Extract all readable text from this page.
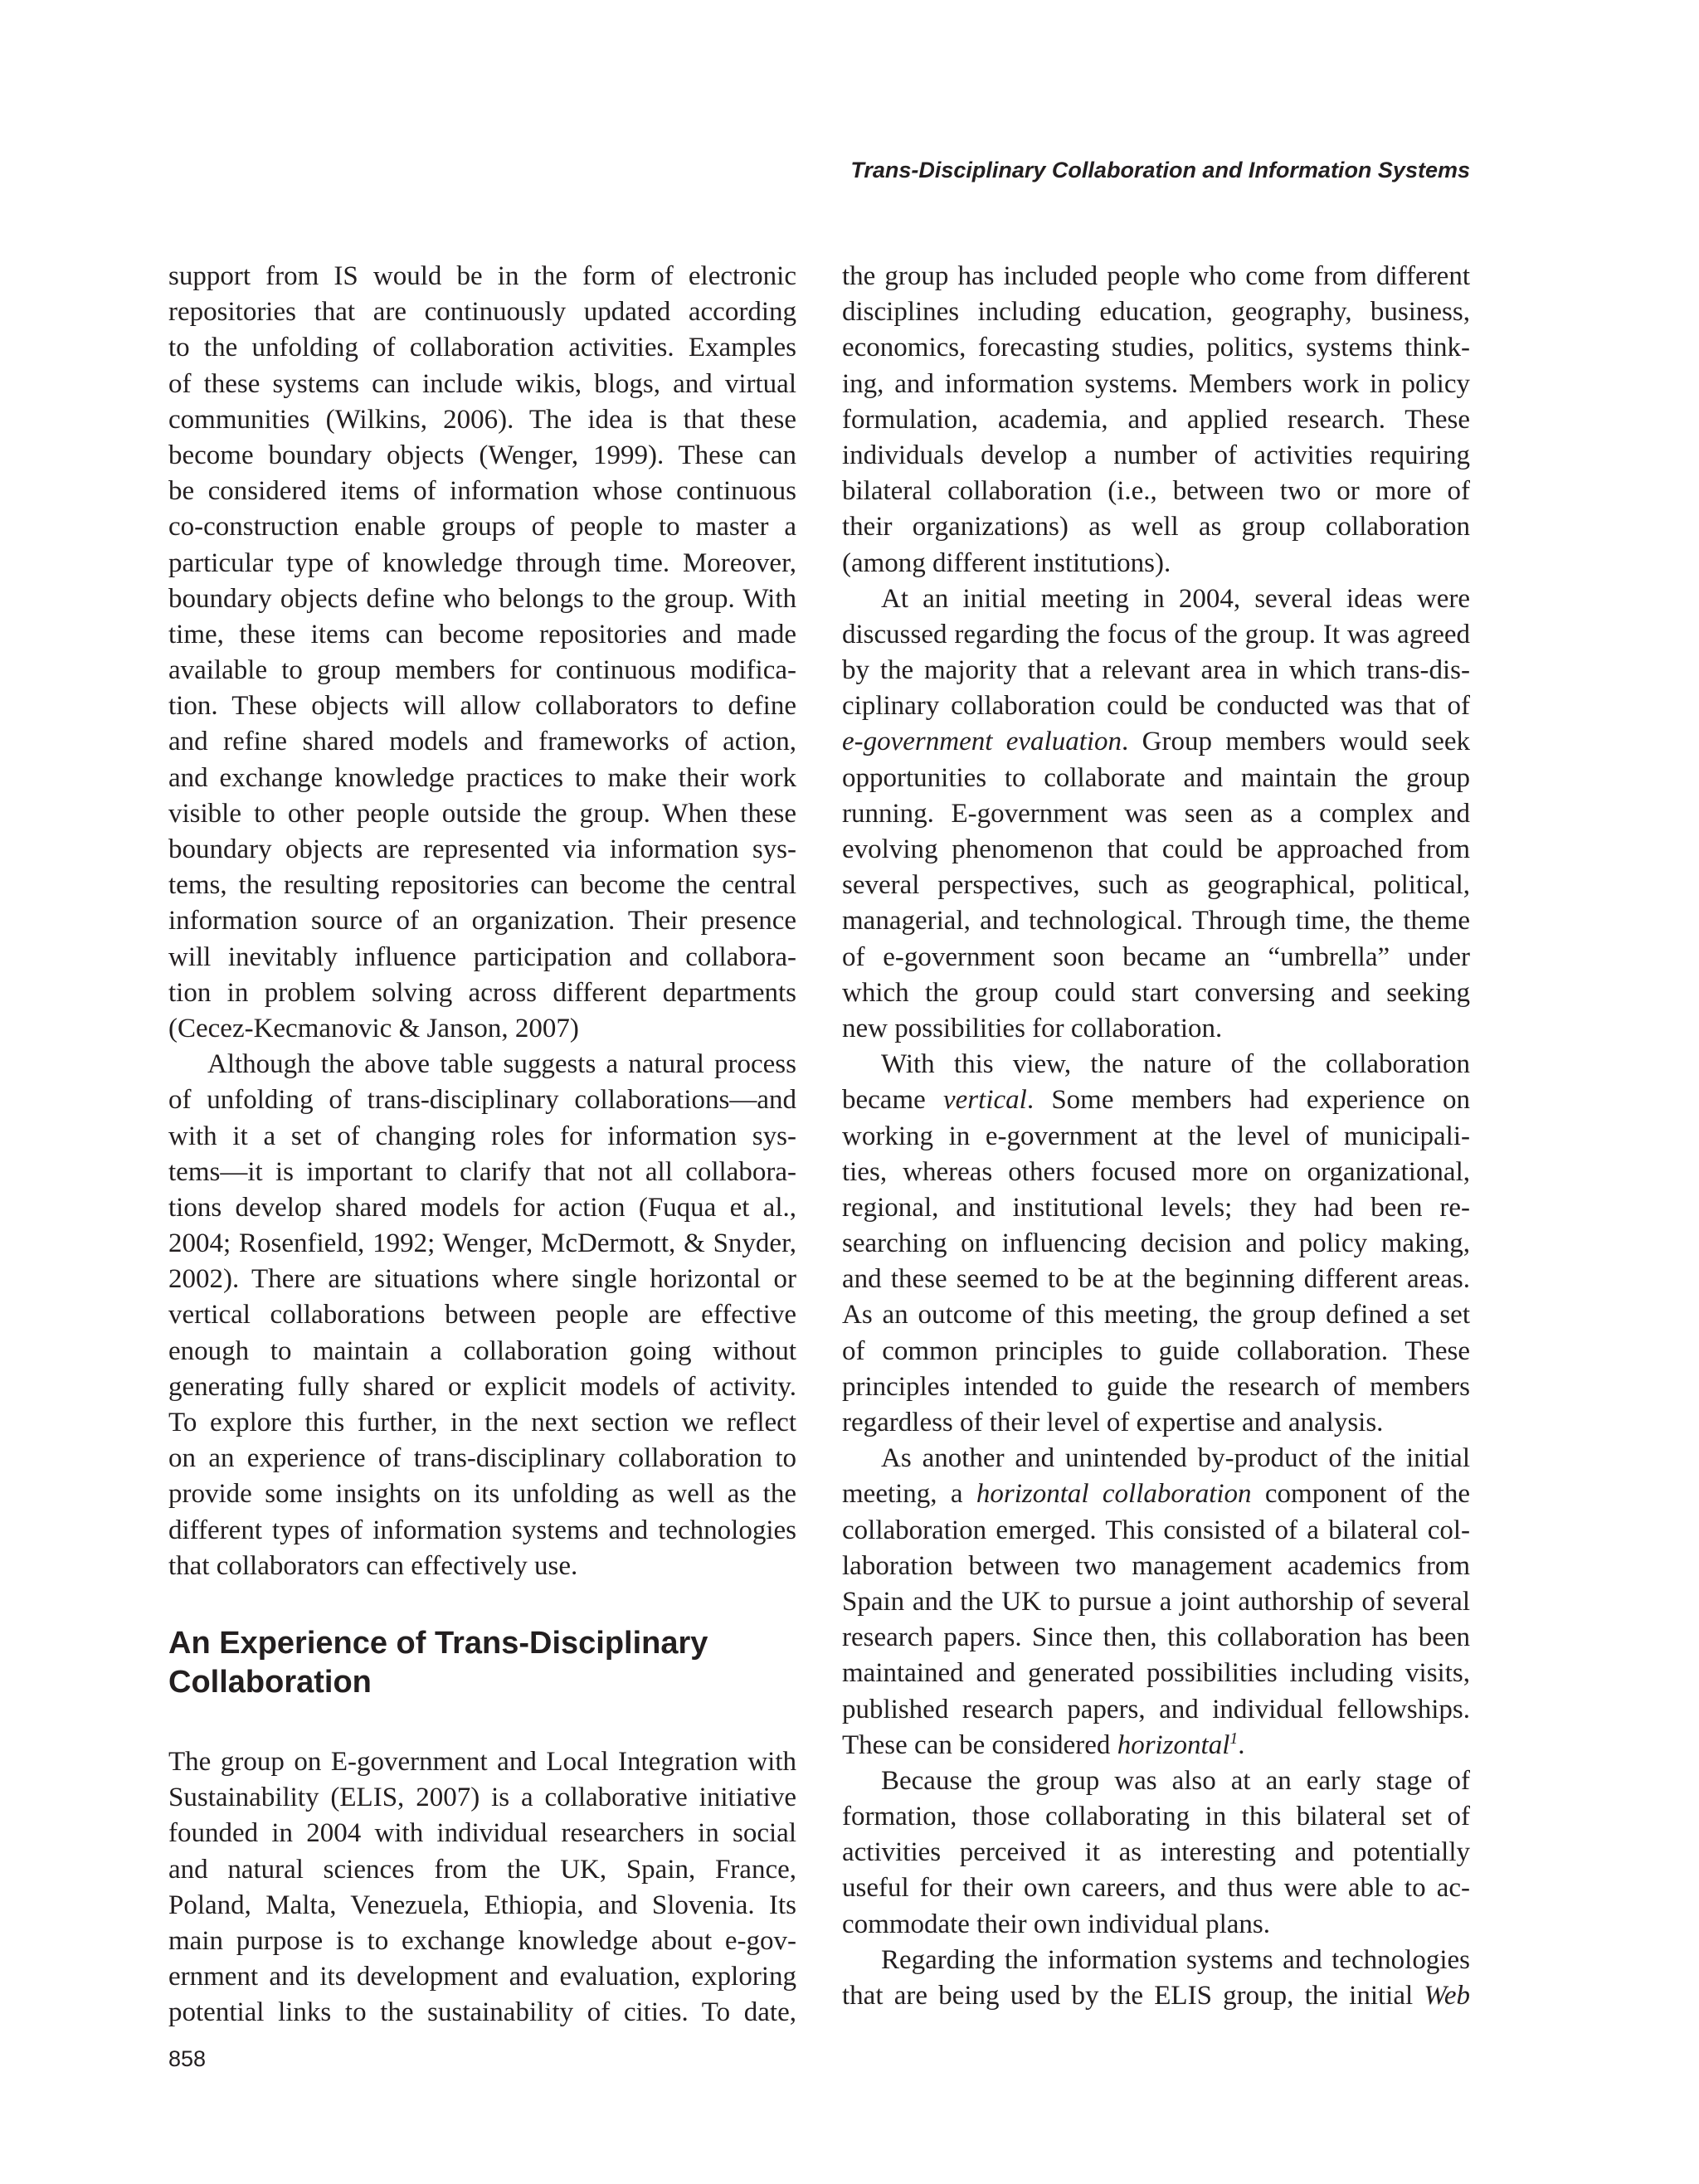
Trans-Disciplinary Collaboration and Information Systems
support from IS would be in the form of electronic
repositories that are continuously updated according
to the unfolding of collaboration activities. Examples
of these systems can include wikis, blogs, and virtual
communities (Wilkins, 2006). The idea is that these
become boundary objects (Wenger, 1999). These can
be considered items of information whose continuous
co-construction enable groups of people to master a
particular type of knowledge through time. Moreover,
boundary objects define who belongs to the group. With
time, these items can become repositories and made
available to group members for continuous modifica-
tion. These objects will allow collaborators to define
and refine shared models and frameworks of action,
and exchange knowledge practices to make their work
visible to other people outside the group. When these
boundary objects are represented via information sys-
tems, the resulting repositories can become the central
information source of an organization. Their presence
will inevitably influence participation and collabora-
tion in problem solving across different departments
(Cecez-Kecmanovic & Janson, 2007)
Although the above table suggests a natural process
of unfolding of trans-disciplinary collaborations—and
with it a set of changing roles for information sys-
tems—it is important to clarify that not all collabora-
tions develop shared models for action (Fuqua et al.,
2004; Rosenfield, 1992; Wenger, McDermott, & Snyder,
2002). There are situations where single horizontal or
vertical collaborations between people are effective
enough to maintain a collaboration going without
generating fully shared or explicit models of activity.
To explore this further, in the next section we reflect
on an experience of trans-disciplinary collaboration to
provide some insights on its unfolding as well as the
different types of information systems and technologies
that collaborators can effectively use.
An Experience of Trans-Disciplinary
Collaboration
The group on E-government and Local Integration with
Sustainability (ELIS, 2007) is a collaborative initiative
founded in 2004 with individual researchers in social
and natural sciences from the UK, Spain, France,
Poland, Malta, Venezuela, Ethiopia, and Slovenia. Its
main purpose is to exchange knowledge about e-gov-
ernment and its development and evaluation, exploring
potential links to the sustainability of cities. To date,
the group has included people who come from different
disciplines including education, geography, business,
economics, forecasting studies, politics, systems think-
ing, and information systems. Members work in policy
formulation, academia, and applied research. These
individuals develop a number of activities requiring
bilateral collaboration (i.e., between two or more of
their organizations) as well as group collaboration
(among different institutions).
At an initial meeting in 2004, several ideas were
discussed regarding the focus of the group. It was agreed
by the majority that a relevant area in which trans-dis-
ciplinary collaboration could be conducted was that of
e-government evaluation. Group members would seek
opportunities to collaborate and maintain the group
running. E-government was seen as a complex and
evolving phenomenon that could be approached from
several perspectives, such as geographical, political,
managerial, and technological. Through time, the theme
of e-government soon became an “umbrella” under
which the group could start conversing and seeking
new possibilities for collaboration.
With this view, the nature of the collaboration
became vertical. Some members had experience on
working in e-government at the level of municipali-
ties, whereas others focused more on organizational,
regional, and institutional levels; they had been re-
searching on influencing decision and policy making,
and these seemed to be at the beginning different areas.
As an outcome of this meeting, the group defined a set
of common principles to guide collaboration. These
principles intended to guide the research of members
regardless of their level of expertise and analysis.
As another and unintended by-product of the initial
meeting, a horizontal collaboration component of the
collaboration emerged. This consisted of a bilateral col-
laboration between two management academics from
Spain and the UK to pursue a joint authorship of several
research papers. Since then, this collaboration has been
maintained and generated possibilities including visits,
published research papers, and individual fellowships.
These can be considered horizontal$^1$.
Because the group was also at an early stage of
formation, those collaborating in this bilateral set of
activities perceived it as interesting and potentially
useful for their own careers, and thus were able to ac-
commodate their own individual plans.
Regarding the information systems and technologies
that are being used by the ELIS group, the initial Web
858
